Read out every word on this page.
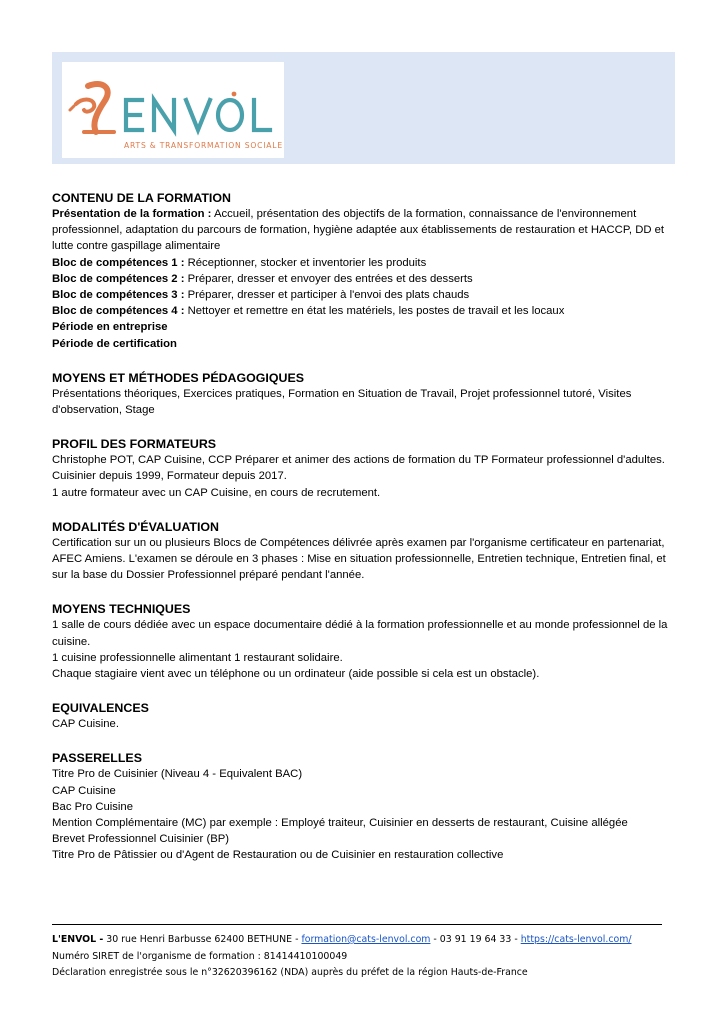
ARTS & TRANSFORMATION SOCIALE
CONTENU DE LA FORMATION

Présentation de la formation : Accueil, présentation des objectifs de la formation, connaissance de l'environnement professionnel, adaptation du parcours de formation, hygiène adaptée aux établissements de restauration et HACCP, DD et lutte contre gaspillage alimentaire

Bloc de compétences 1 : Réceptionner, stocker et inventorier les produits

Bloc de compétences 2 : Préparer, dresser et envoyer des entrées et des desserts

Bloc de compétences 3 : Préparer, dresser et participer à l'envoi des plats chauds

Bloc de compétences 4 : Nettoyer et remettre en état les matériels, les postes de travail et les locaux

Période en entreprise

Période de certification

MOYENS ET MÉTHODES PÉDAGOGIQUES

Présentations théoriques, Exercices pratiques, Formation en Situation de Travail, Projet professionnel tutoré, Visites d'observation, Stage

PROFIL DES FORMATEURS

Christophe POT, CAP Cuisine, CCP Préparer et animer des actions de formation du TP Formateur professionnel d'adultes.

Cuisinier depuis 1999, Formateur depuis 2017.

1 autre formateur avec un CAP Cuisine, en cours de recrutement.

MODALITÉS D'ÉVALUATION

Certification sur un ou plusieurs Blocs de Compétences délivrée après examen par l'organisme certificateur en partenariat, AFEC Amiens. L'examen se déroule en 3 phases : Mise en situation professionnelle, Entretien technique, Entretien final, et sur la base du Dossier Professionnel préparé pendant l'année.

MOYENS TECHNIQUES

1 salle de cours dédiée avec un espace documentaire dédié à la formation professionnelle et au monde professionnel de la cuisine.

1 cuisine professionnelle alimentant 1 restaurant solidaire.

Chaque stagiaire vient avec un téléphone ou un ordinateur (aide possible si cela est un obstacle).

EQUIVALENCES

CAP Cuisine.

PASSERELLES

Titre Pro de Cuisinier (Niveau 4 - Equivalent BAC)

CAP Cuisine

Bac Pro Cuisine

Mention Complémentaire (MC) par exemple : Employé traiteur, Cuisinier en desserts de restaurant, Cuisine allégée

Brevet Professionnel Cuisinier (BP)

Titre Pro de Pâtissier ou d'Agent de Restauration ou de Cuisinier en restauration collective

L'ENVOL - 30 rue Henri Barbusse 62400 BETHUNE - formation@cats-lenvol.com - 03 91 19 64 33 - https://cats-lenvol.com/
Numéro SIRET de l'organisme de formation : 81414410100049
Déclaration enregistrée sous le n°32620396162 (NDA) auprès du préfet de la région Hauts-de-France
